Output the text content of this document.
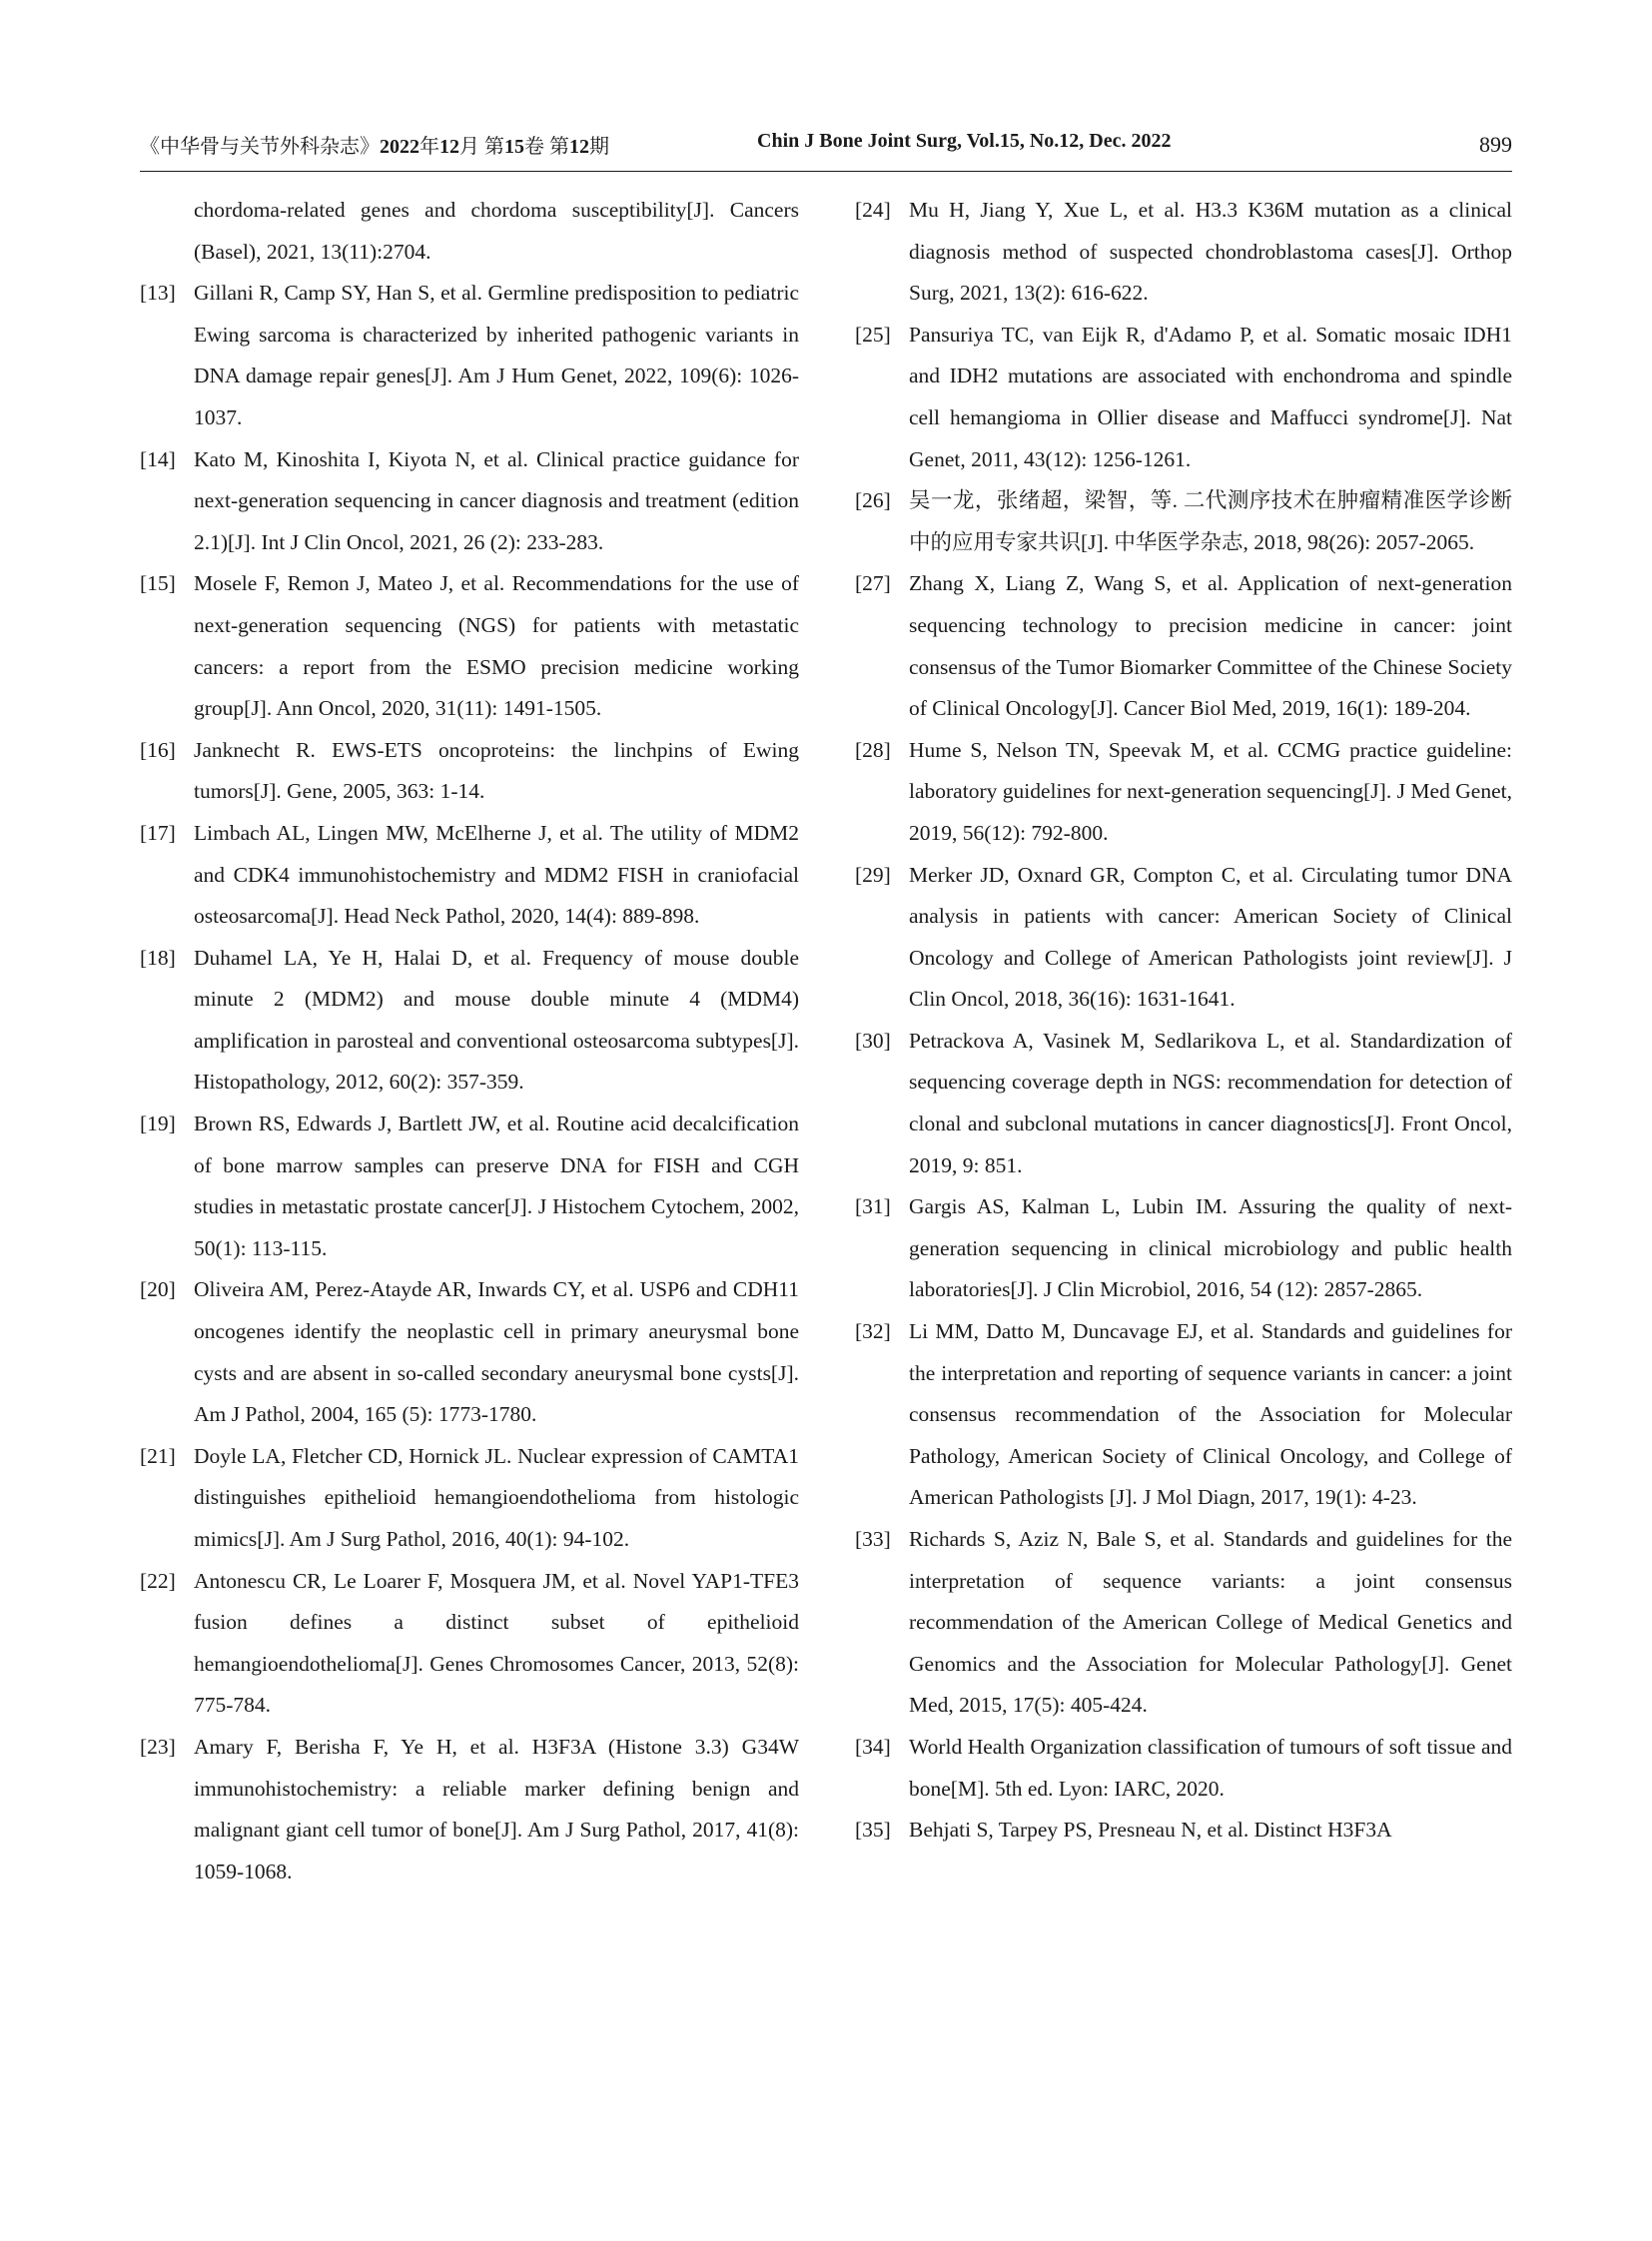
《中华骨与关节外科杂志》2022年12月 第15卷 第12期	Chin J Bone Joint Surg, Vol.15, No.12, Dec. 2022	899
chordoma-related genes and chordoma susceptibility[J]. Cancers (Basel), 2021, 13(11):2704.
[13] Gillani R, Camp SY, Han S, et al. Germline predisposition to pediatric Ewing sarcoma is characterized by inherited pathogenic variants in DNA damage repair genes[J]. Am J Hum Genet, 2022, 109(6): 1026-1037.
[14] Kato M, Kinoshita I, Kiyota N, et al. Clinical practice guidance for next-generation sequencing in cancer diagnosis and treatment (edition 2.1)[J]. Int J Clin Oncol, 2021, 26 (2): 233-283.
[15] Mosele F, Remon J, Mateo J, et al. Recommendations for the use of next-generation sequencing (NGS) for patients with metastatic cancers: a report from the ESMO precision medicine working group[J]. Ann Oncol, 2020, 31(11): 1491-1505.
[16] Janknecht R. EWS-ETS oncoproteins: the linchpins of Ewing tumors[J]. Gene, 2005, 363: 1-14.
[17] Limbach AL, Lingen MW, McElherne J, et al. The utility of MDM2 and CDK4 immunohistochemistry and MDM2 FISH in craniofacial osteosarcoma[J]. Head Neck Pathol, 2020, 14(4): 889-898.
[18] Duhamel LA, Ye H, Halai D, et al. Frequency of mouse double minute 2 (MDM2) and mouse double minute 4 (MDM4) amplification in parosteal and conventional osteosarcoma subtypes[J]. Histopathology, 2012, 60(2): 357-359.
[19] Brown RS, Edwards J, Bartlett JW, et al. Routine acid decalcification of bone marrow samples can preserve DNA for FISH and CGH studies in metastatic prostate cancer[J]. J Histochem Cytochem, 2002, 50(1): 113-115.
[20] Oliveira AM, Perez-Atayde AR, Inwards CY, et al. USP6 and CDH11 oncogenes identify the neoplastic cell in primary aneurysmal bone cysts and are absent in so-called secondary aneurysmal bone cysts[J]. Am J Pathol, 2004, 165 (5): 1773-1780.
[21] Doyle LA, Fletcher CD, Hornick JL. Nuclear expression of CAMTA1 distinguishes epithelioid hemangioendothelioma from histologic mimics[J]. Am J Surg Pathol, 2016, 40(1): 94-102.
[22] Antonescu CR, Le Loarer F, Mosquera JM, et al. Novel YAP1-TFE3 fusion defines a distinct subset of epithelioid hemangioendothelioma[J]. Genes Chromosomes Cancer, 2013, 52(8): 775-784.
[23] Amary F, Berisha F, Ye H, et al. H3F3A (Histone 3.3) G34W immunohistochemistry: a reliable marker defining benign and malignant giant cell tumor of bone[J]. Am J Surg Pathol, 2017, 41(8): 1059-1068.
[24] Mu H, Jiang Y, Xue L, et al. H3.3 K36M mutation as a clinical diagnosis method of suspected chondroblastoma cases[J]. Orthop Surg, 2021, 13(2): 616-622.
[25] Pansuriya TC, van Eijk R, d'Adamo P, et al. Somatic mosaic IDH1 and IDH2 mutations are associated with enchondroma and spindle cell hemangioma in Ollier disease and Maffucci syndrome[J]. Nat Genet, 2011, 43(12): 1256-1261.
[26] 吴一龙，张绪超，梁智，等. 二代测序技术在肿瘤精准医学诊断中的应用专家共识[J]. 中华医学杂志, 2018, 98(26): 2057-2065.
[27] Zhang X, Liang Z, Wang S, et al. Application of next-generation sequencing technology to precision medicine in cancer: joint consensus of the Tumor Biomarker Committee of the Chinese Society of Clinical Oncology[J]. Cancer Biol Med, 2019, 16(1): 189-204.
[28] Hume S, Nelson TN, Speevak M, et al. CCMG practice guideline: laboratory guidelines for next-generation sequencing[J]. J Med Genet, 2019, 56(12): 792-800.
[29] Merker JD, Oxnard GR, Compton C, et al. Circulating tumor DNA analysis in patients with cancer: American Society of Clinical Oncology and College of American Pathologists joint review[J]. J Clin Oncol, 2018, 36(16): 1631-1641.
[30] Petrackova A, Vasinek M, Sedlarikova L, et al. Standardization of sequencing coverage depth in NGS: recommendation for detection of clonal and subclonal mutations in cancer diagnostics[J]. Front Oncol, 2019, 9: 851.
[31] Gargis AS, Kalman L, Lubin IM. Assuring the quality of next-generation sequencing in clinical microbiology and public health laboratories[J]. J Clin Microbiol, 2016, 54 (12): 2857-2865.
[32] Li MM, Datto M, Duncavage EJ, et al. Standards and guidelines for the interpretation and reporting of sequence variants in cancer: a joint consensus recommendation of the Association for Molecular Pathology, American Society of Clinical Oncology, and College of American Pathologists [J]. J Mol Diagn, 2017, 19(1): 4-23.
[33] Richards S, Aziz N, Bale S, et al. Standards and guidelines for the interpretation of sequence variants: a joint consensus recommendation of the American College of Medical Genetics and Genomics and the Association for Molecular Pathology[J]. Genet Med, 2015, 17(5): 405-424.
[34] World Health Organization classification of tumours of soft tissue and bone[M]. 5th ed. Lyon: IARC, 2020.
[35] Behjati S, Tarpey PS, Presneau N, et al. Distinct H3F3A
